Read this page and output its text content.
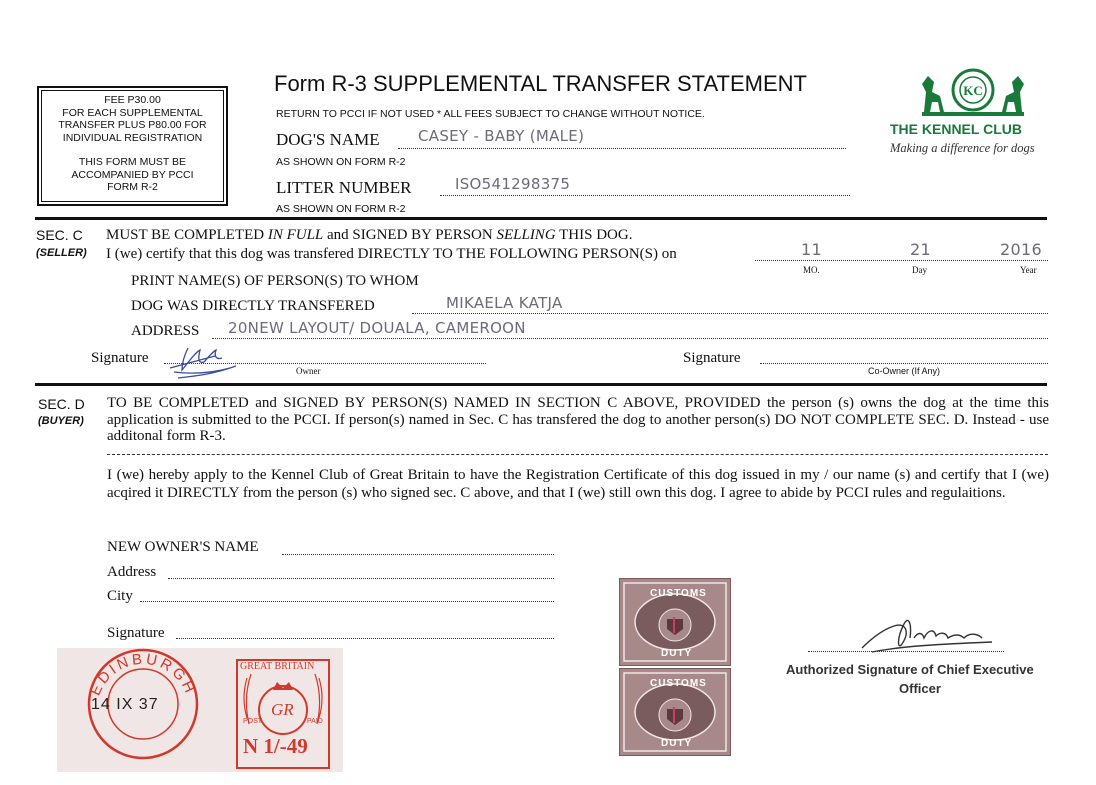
FEE P30.00
FOR EACH SUPPLEMENTAL
TRANSFER PLUS P80.00 FOR
INDIVIDUAL REGISTRATION
THIS FORM MUST BE
ACCOMPANIED BY PCCI
FORM R-2
Form R-3 SUPPLEMENTAL TRANSFER STATEMENT
RETURN TO PCCI IF NOT USED * ALL FEES SUBJECT TO CHANGE WITHOUT NOTICE.
DOG'S NAME	CASEY - BABY (MALE)
AS SHOWN ON FORM R-2
LITTER NUMBER	ISO541298375
AS SHOWN ON FORM R-2
KC
THE KENNEL CLUB
Making a difference for dogs
SEC. C
(SELLER)
MUST BE COMPLETED IN FULL and SIGNED BY PERSON SELLING THIS DOG.
I (we) certify that this dog was transfered DIRECTLY TO THE FOLLOWING PERSON(S) on	11	21	2016
MO.	Day	Year
PRINT NAME(S) OF PERSON(S) TO WHOM
DOG WAS DIRECTLY TRANSFERED	MIKAELA KATJA
ADDRESS 20NEW LAYOUT/ DOUALA, CAMEROON
Signature
Owner
Signature
Co-Owner (If Any)
SEC. D
(BUYER)
TO BE COMPLETED and SIGNED BY PERSON(S) NAMED IN SECTION C ABOVE, PROVIDED the person (s) owns the dog at the time this application is submitted to the PCCI. If person(s) named in Sec. C has transfered the dog to another person(s) DO NOT COMPLETE SEC. D. Instead - use additonal form R-3.
I (we) hereby apply to the Kennel Club of Great Britain to have the Registration Certificate of this dog issued in my / our name (s) and certify that I (we) acqired it DIRECTLY from the person (s) who signed sec. C above, and that I (we) still own this dog. I agree to abide by PCCI rules and regulaitions.
NEW OWNER'S NAME
Address
City
Signature
EDINBURGH
14 IX 37
GREAT BRITAIN
GR
POST	PAID
N 1/-49
CUSTOMS
DUTY
CUSTOMS
DUTY
Authorized Signature of Chief Executive
Officer
